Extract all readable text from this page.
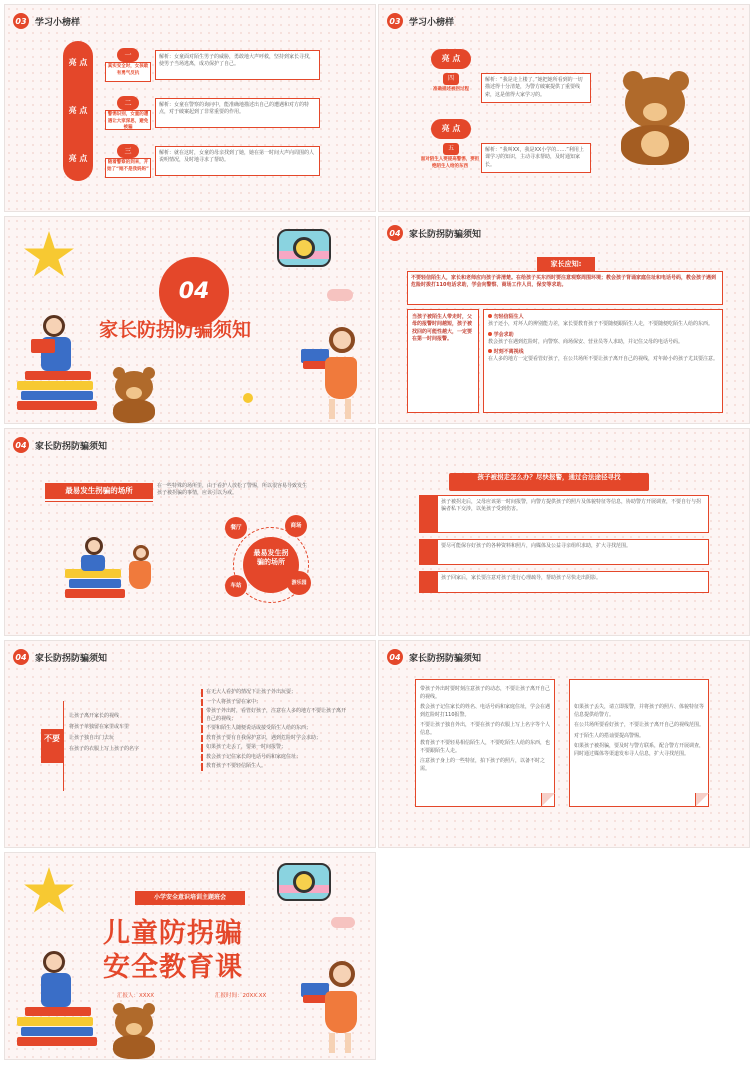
03 学习小榜样
亮 点
亮 点
亮 点
一
真实安全时，女孩敢有勇气反抗
解析：女童面对陌生男子的威胁，勇敢地大声呼救，坚持到家长寻找，使男子当场逃离，成功保护了自己。
二
警惕识别，女童的遭遇让大家深思，避免被骗
解析：女童在警察的询问中，能准确地描述出自己的遭遇和对方的特点，对于破案起到了非常重要的作用。
三
随着警察的到来，开始了“她不是我妈妈”
解析：就在这时，女童的母亲找到了她，她在第一时间大声向周围的人说明情况，及时地寻求了帮助。
03 学习小榜样
亮 点
四
准确描述被拐过程
解析：“我是走上楼了。”她把她所看到的一切描述得十分清楚，为警方破案提供了重要线索，这是值得大家学习的。
亮 点
五
面对陌生人要提高警惕，要拒绝陌生人给的东西
解析：“我叫XX，我是XX小学的……”利用上课学习的知识，主动寻求帮助，及时通知家长。
04
家长防拐防骗须知
04 家长防拐防骗须知
家长应知:
不要轻信陌生人，家长和老师应向孩子讲清楚。在给孩子买东西时要注意观察周围环境；教会孩子背诵家庭住址和电话号码，教会孩子遇到危险时拨打110电话求助，学会向警察、商场工作人员、保安等求助。
当孩子被陌生人带走时，父母的报警时间越短，孩子被找回的可能性越大，一定要在第一时间报警。
勿轻信陌生人
孩子还小，对坏人的辨别能力差，家长要教育孩子不要随便跟陌生人走，不要随便吃陌生人给的东西。
学会求助
教会孩子在遇到危险时，向警察、商场保安、营业员等人求助，并记住父母的电话号码。
时刻不离视线
在人多的地方一定要看管好孩子，在公共场所不要让孩子离开自己的视线，对年龄小的孩子尤其要注意。
04 家长防拐防骗须知
最易发生拐骗的场所	在一些特殊的场所里，由于看护人放松了警惕，所以很容易导致发生孩子被拐骗的事情，应该引以为戒。
最易发生拐骗的场所
餐厅	商场
车站	游乐园
孩子被拐走怎么办？尽快报警，通过合法途径寻找
孩子被拐走后，父母应该第一时间报警，向警方提供孩子的照片及体貌特征等信息，协助警方开展调查，不要自行与拐骗者私下交涉，以免孩子受到伤害。
要尽可能保存好孩子的各种资料和照片，向媒体及公益寻亲组织求助，扩大寻找范围。
孩子回家后，家长要注意对孩子进行心理疏导，帮助孩子尽快走出阴影。
04 家长防拐防骗须知
不要
让孩子离开家长的视线
将孩子单独留在家里或车里
让孩子独自出门去玩
在孩子的衣服上写上孩子的名字
在无大人看护的情况下让孩子外出玩耍；
一个人将孩子留在家中；
带孩子外出时，看管好孩子，注意在人多的地方不要让孩子离开自己的视线；
不要和陌生人随便说话或接受陌生人给的东西；
教育孩子要有自我保护意识，遇到危险时学会求助；
如果孩子走丢了，要第一时间报警；
教会孩子记住家长的电话号码和家庭住址；
教育孩子不要轻信陌生人。
04 家长防拐防骗须知
带孩子外出时要时刻注意孩子的动态，不要让孩子离开自己的视线。
教会孩子记住家长的姓名、电话号码和家庭住址，学会在遇到危险时打110报警。
不要让孩子独自外出，不要在孩子的衣服上写上名字等个人信息。
教育孩子不要轻易相信陌生人，不要吃陌生人给的东西，也不要跟陌生人走。
注意孩子身上的一些特征，拍下孩子的照片，以备不时之需。
如果孩子丢失，请立即报警，并将孩子的照片、体貌特征等信息提供给警方。
在公共场所要看好孩子，不要让孩子离开自己的视线范围。
对于陌生人的搭讪要提高警惕。
如果孩子被拐骗，要及时与警方联系，配合警方开展调查，同时通过媒体等渠道发布寻人信息，扩大寻找范围。
小学安全意识培训主题班会
儿童防拐骗
安全教育课
汇报人：XXXX	汇报时间：20XX.XX
